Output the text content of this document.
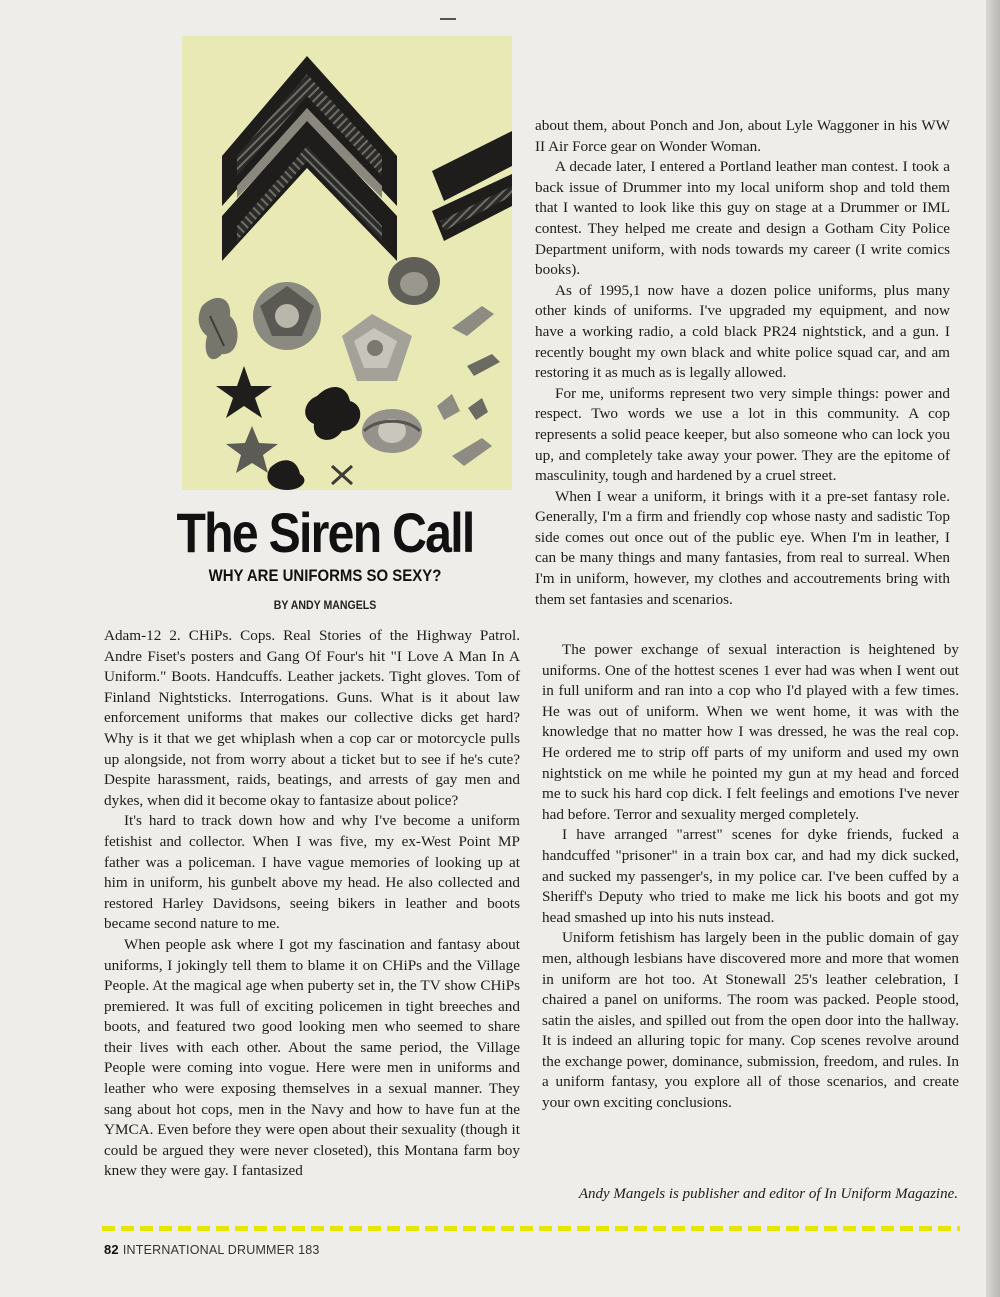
The Siren Call
WHY ARE UNIFORMS SO SEXY?
BY ANDY MANGELS

about them, about Ponch and Jon, about Lyle Waggoner in his WW II Air Force gear on Wonder Woman.

A decade later, I entered a Portland leather man contest. I took a back issue of Drummer into my local uniform shop and told them that I wanted to look like this guy on stage at a Drummer or IML contest. They helped me create and design a Gotham City Police Department uniform, with nods towards my career (I write comics books).

As of 1995,1 now have a dozen police uniforms, plus many other kinds of uniforms. I've upgraded my equipment, and now have a working radio, a cold black PR24 nightstick, and a gun. I recently bought my own black and white police squad car, and am restoring it as much as is legally allowed.

For me, uniforms represent two very simple things: power and respect. Two words we use a lot in this community. A cop represents a solid peace keeper, but also someone who can lock you up, and completely take away your power. They are the epitome of masculinity, tough and hardened by a cruel street.

When I wear a uniform, it brings with it a pre-set fantasy role. Generally, I'm a firm and friendly cop whose nasty and sadistic Top side comes out once out of the public eye. When I'm in leather, I can be many things and many fantasies, from real to surreal. When I'm in uniform, however, my clothes and accoutrements bring with them set fantasies and scenarios.

Adam-12 2. CHiPs. Cops. Real Stories of the Highway Patrol. Andre Fiset's posters and Gang Of Four's hit "I Love A Man In A Uniform." Boots. Handcuffs. Leather jackets. Tight gloves. Tom of Finland Nightsticks. Interrogations. Guns. What is it about law enforcement uniforms that makes our collective dicks get hard? Why is it that we get whiplash when a cop car or motorcycle pulls up alongside, not from worry about a ticket but to see if he's cute? Despite harassment, raids, beatings, and arrests of gay men and dykes, when did it become okay to fantasize about police?

It's hard to track down how and why I've become a uniform fetishist and collector. When I was five, my ex-West Point MP father was a policeman. I have vague memories of looking up at him in uniform, his gunbelt above my head. He also collected and restored Harley Davidsons, seeing bikers in leather and boots became second nature to me.

When people ask where I got my fascination and fantasy about uniforms, I jokingly tell them to blame it on CHiPs and the Village People. At the magical age when puberty set in, the TV show CHiPs premiered. It was full of exciting policemen in tight breeches and boots, and featured two good looking men who seemed to share their lives with each other. About the same period, the Village People were coming into vogue. Here were men in uniforms and leather who were exposing themselves in a sexual manner. They sang about hot cops, men in the Navy and how to have fun at the YMCA. Even before they were open about their sexuality (though it could be argued they were never closeted), this Montana farm boy knew they were gay. I fantasized

The power exchange of sexual interaction is heightened by uniforms. One of the hottest scenes 1 ever had was when I went out in full uniform and ran into a cop who I'd played with a few times. He was out of uniform. When we went home, it was with the knowledge that no matter how I was dressed, he was the real cop. He ordered me to strip off parts of my uniform and used my own nightstick on me while he pointed my gun at my head and forced me to suck his hard cop dick. I felt feelings and emotions I've never had before. Terror and sexuality merged completely.

I have arranged "arrest" scenes for dyke friends, fucked a handcuffed "prisoner" in a train box car, and had my dick sucked, and sucked my passenger's, in my police car. I've been cuffed by a Sheriff's Deputy who tried to make me lick his boots and got my head smashed up into his nuts instead.

Uniform fetishism has largely been in the public domain of gay men, although lesbians have discovered more and more that women in uniform are hot too. At Stonewall 25's leather celebration, I chaired a panel on uniforms. The room was packed. People stood, satin the aisles, and spilled out from the open door into the hallway. It is indeed an alluring topic for many. Cop scenes revolve around the exchange power, dominance, submission, freedom, and rules. In a uniform fantasy, you explore all of those scenarios, and create your own exciting conclusions.

Andy Mangels is publisher and editor of In Uniform Magazine.
82 INTERNATIONAL DRUMMER 183
